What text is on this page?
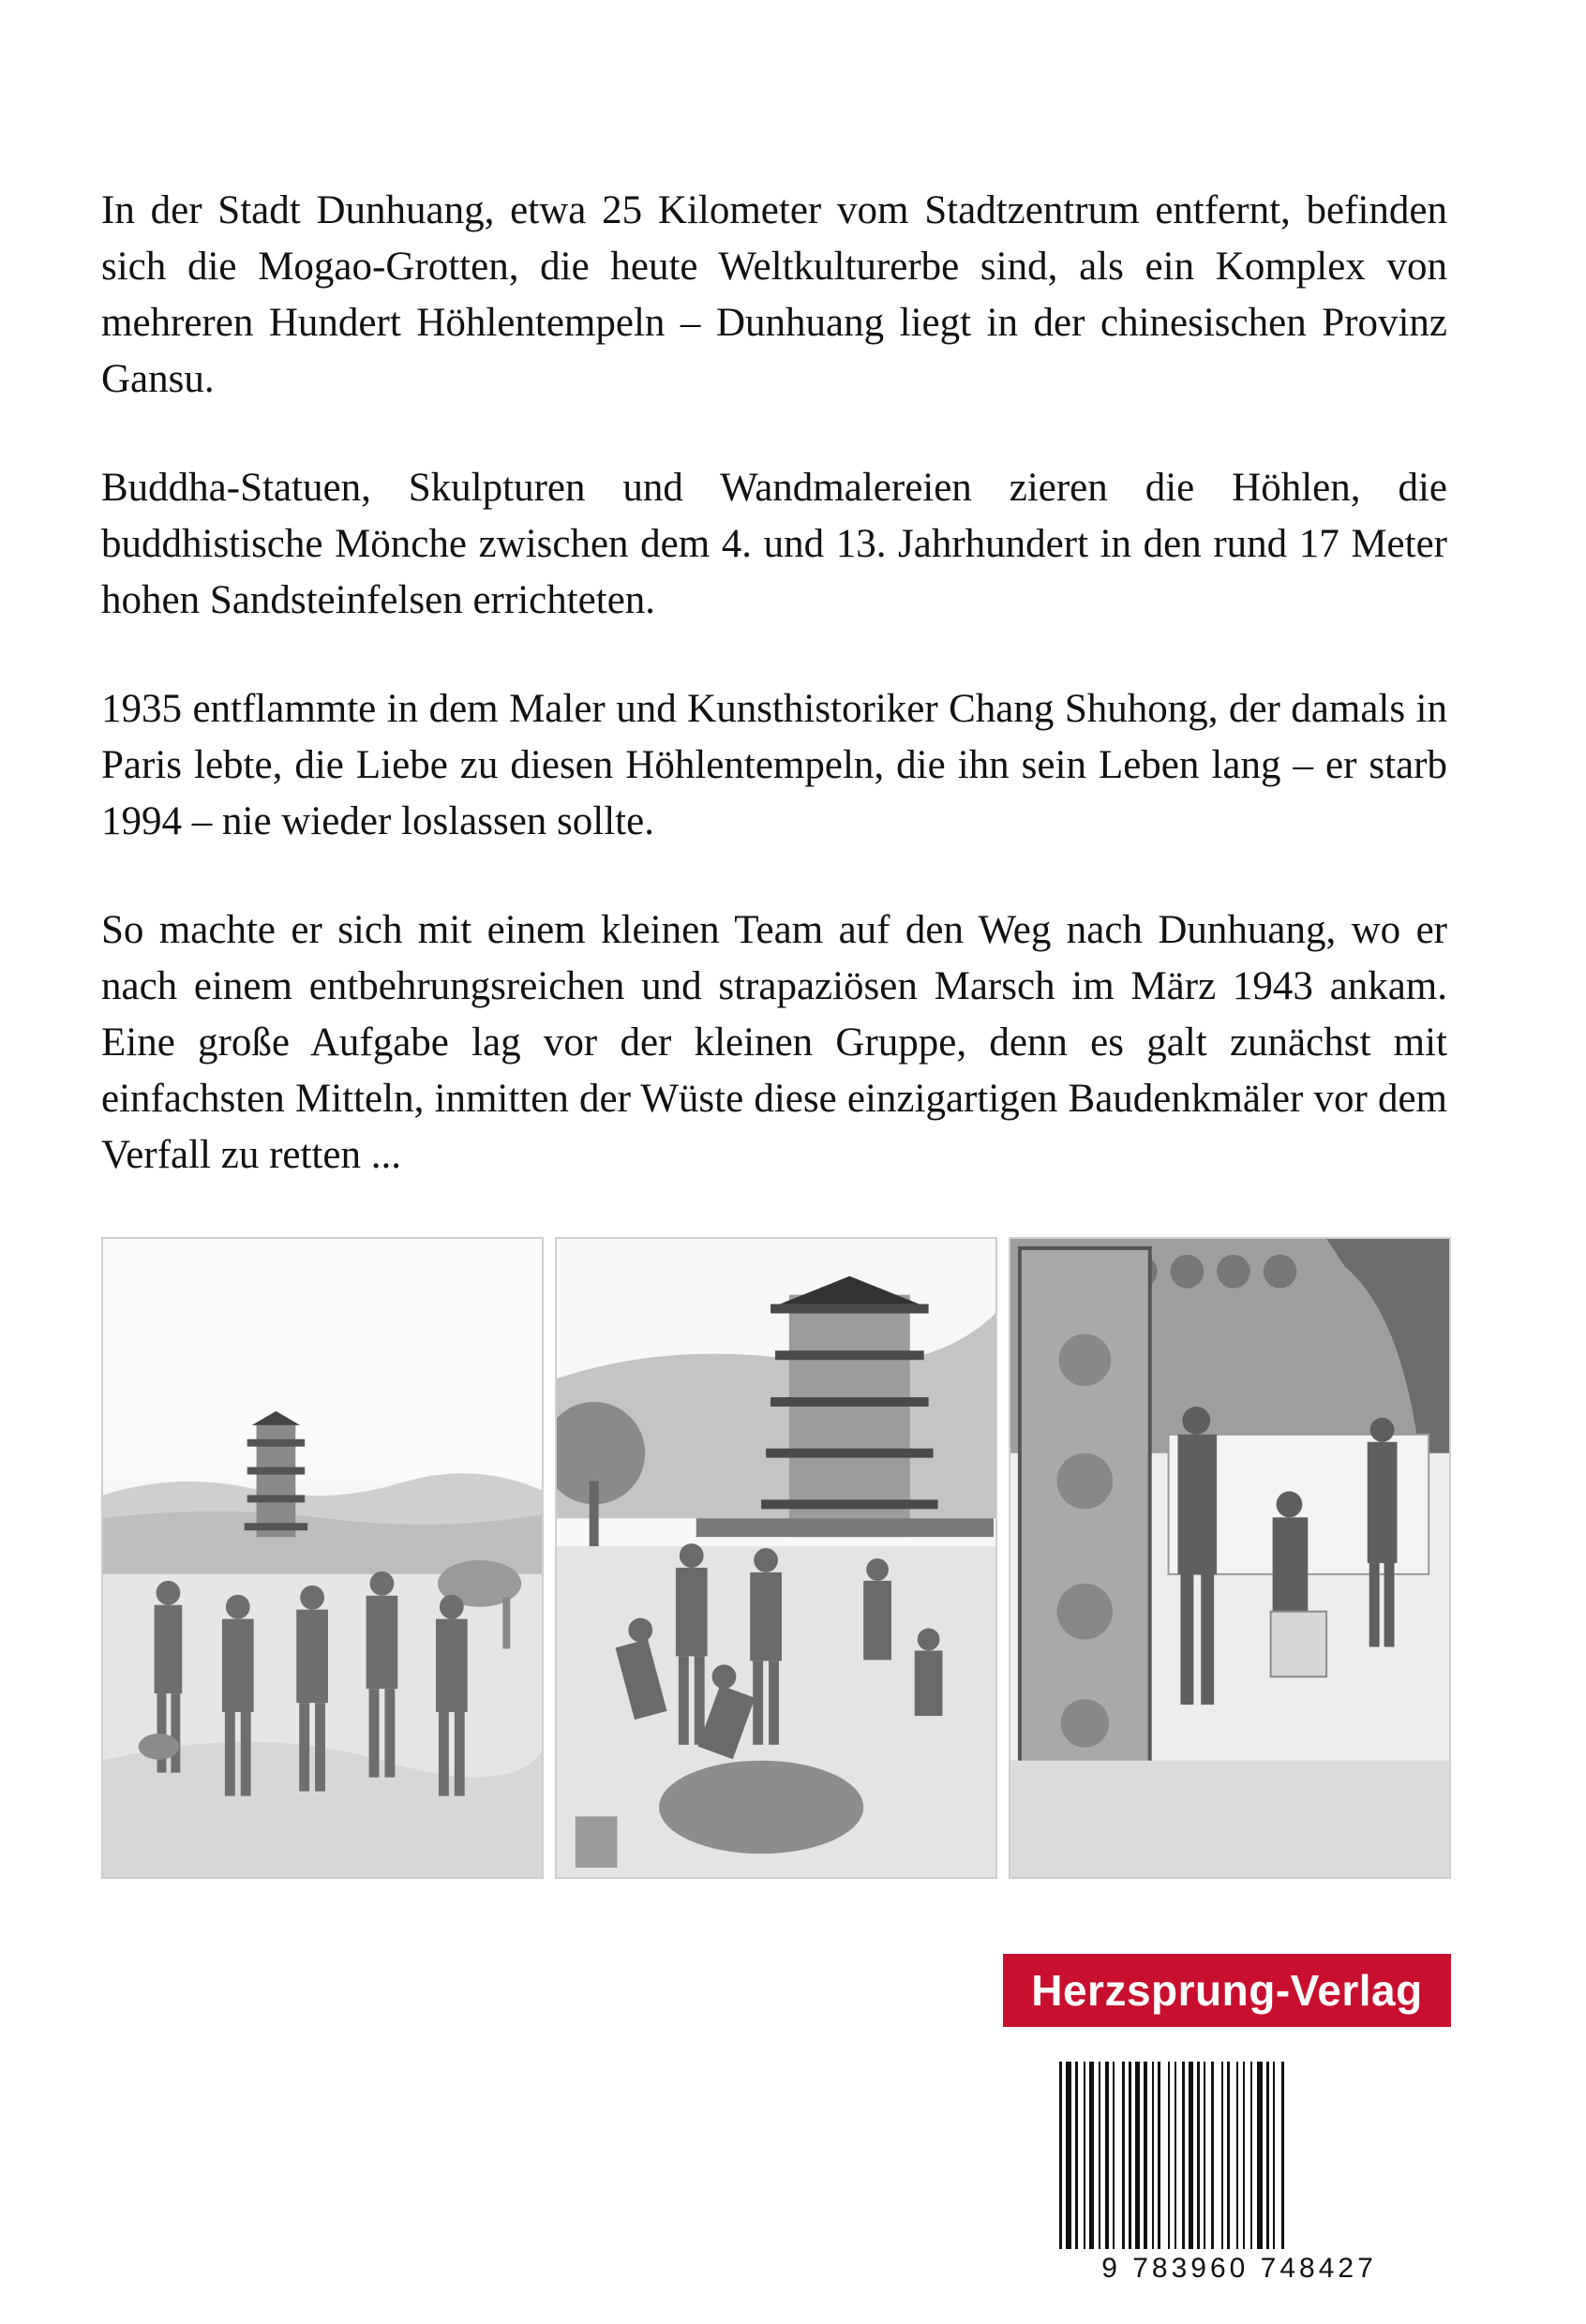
In der Stadt Dunhuang, etwa 25 Kilometer vom Stadtzentrum entfernt, befinden sich die Mogao-Grotten, die heute Weltkulturerbe sind, als ein Komplex von mehreren Hundert Höhlentempeln – Dunhuang liegt in der chinesischen Provinz Gansu.

Buddha-Statuen, Skulpturen und Wandmalereien zieren die Höhlen, die buddhistische Mönche zwischen dem 4. und 13. Jahrhundert in den rund 17 Meter hohen Sandsteinfelsen errichteten.

1935 entflammte in dem Maler und Kunsthistoriker Chang Shuhong, der damals in Paris lebte, die Liebe zu diesen Höhlentempeln, die ihn sein Leben lang – er starb 1994 – nie wieder loslassen sollte.

So machte er sich mit einem kleinen Team auf den Weg nach Dunhuang, wo er nach einem entbehrungsreichen und strapaziösen Marsch im März 1943 ankam. Eine große Aufgabe lag vor der kleinen Gruppe, denn es galt zunächst mit einfachsten Mitteln, inmitten der Wüste diese einzigartigen Baudenkmäler vor dem Verfall zu retten ...

Herzsprung-Verlag
9 783960 748427
